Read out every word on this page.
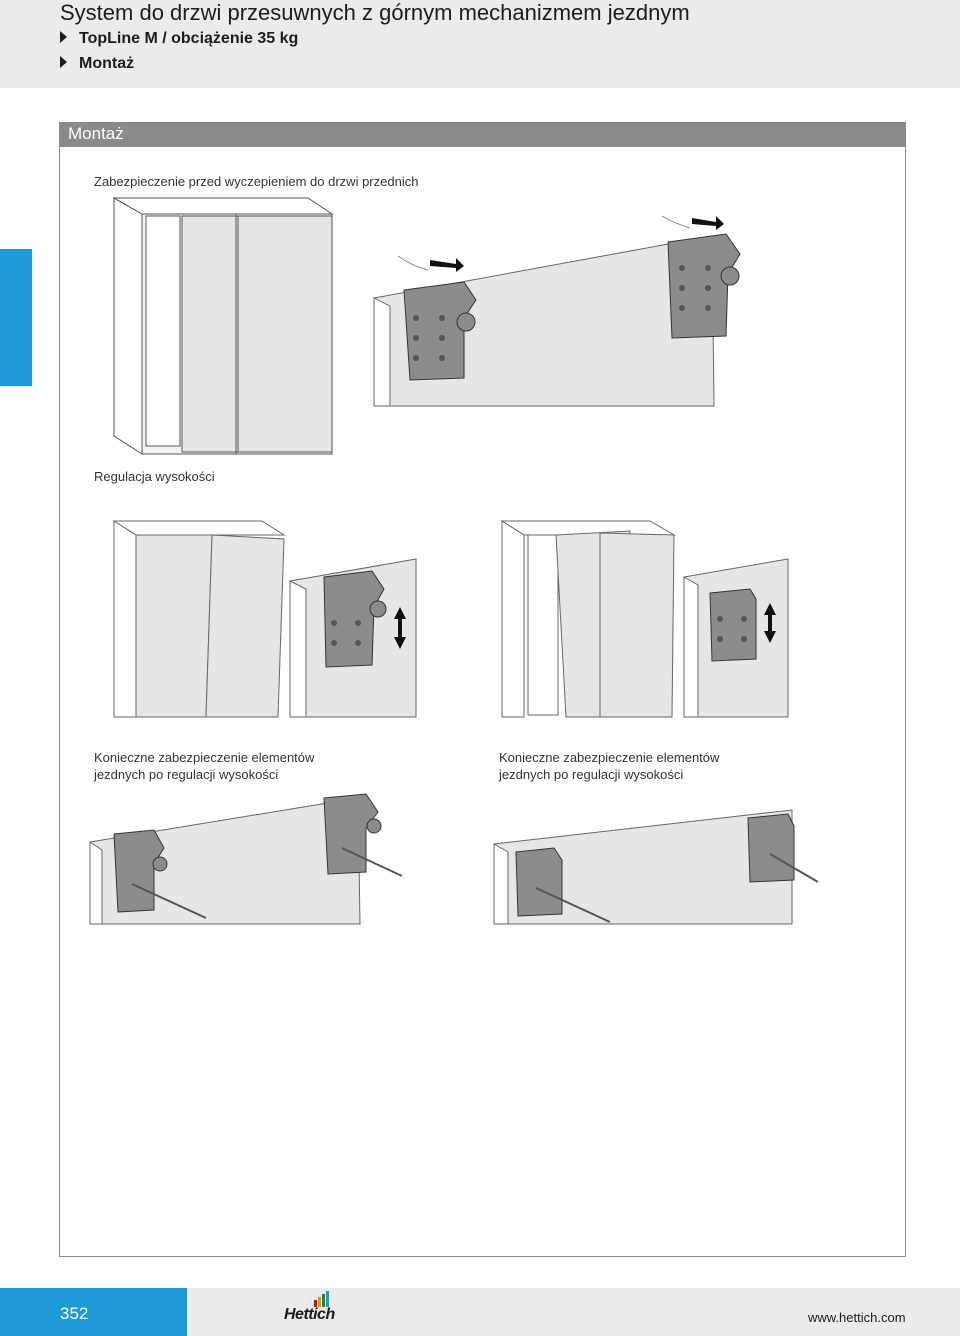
System do drzwi przesuwnych z górnym mechanizmem jezdnym
TopLine M / obciążenie 35 kg
Montaż
Montaż
Zabezpieczenie przed wyczepieniem do drzwi przednich
Regulacja wysokości
Konieczne zabezpieczenie elementów
jezdnych po regulacji wysokości
Konieczne zabezpieczenie elementów
jezdnych po regulacji wysokości
352	Hettich	www.hettich.com
